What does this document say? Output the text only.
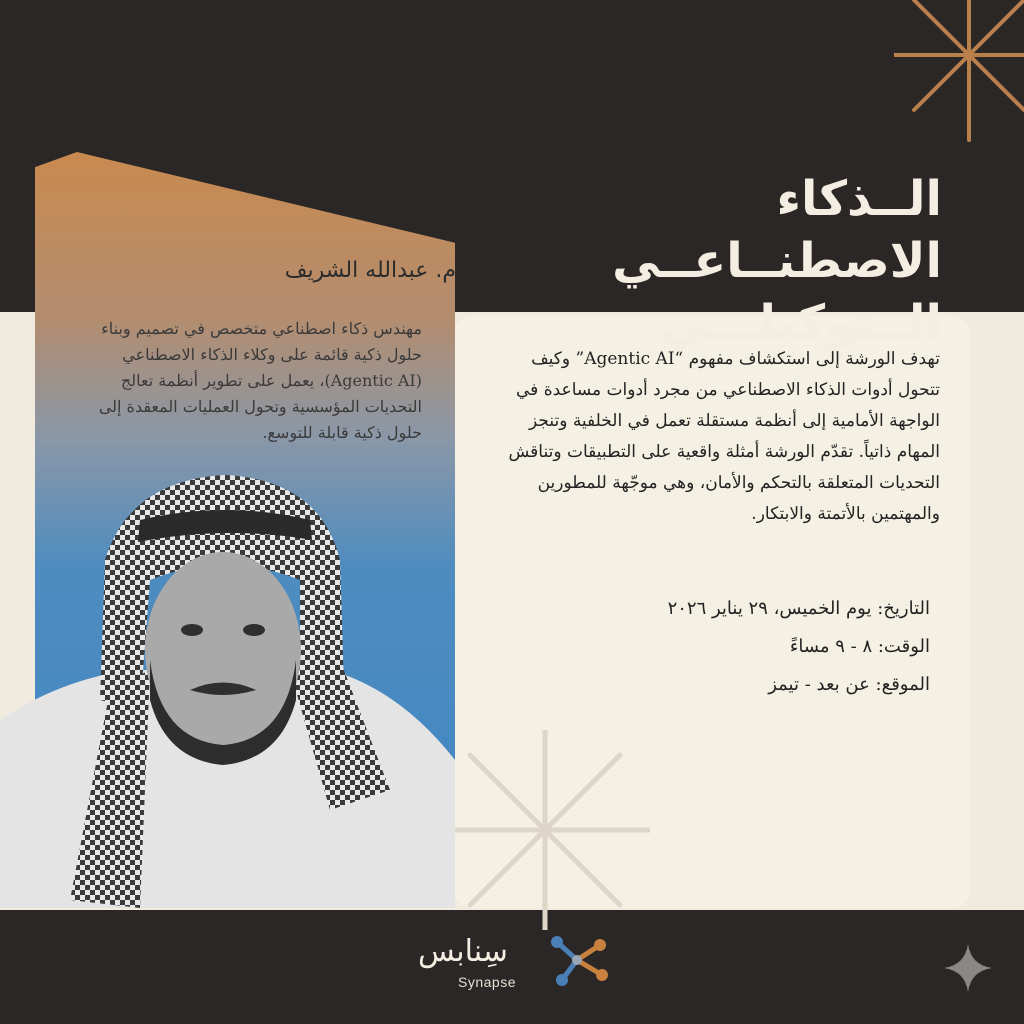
الــذكاء الاصطنــاعــي
الــتوكيلـــي
م. عبدالله الشريف
مهندس ذكاء اصطناعي متخصص في تصميم وبناء حلول ذكية قائمة على وكلاء الذكاء الاصطناعي (Agentic AI)، يعمل على تطوير أنظمة تعالج التحديات المؤسسية وتحول العمليات المعقدة إلى حلول ذكية قابلة للتوسع.
تهدف الورشة إلى استكشاف مفهوم “Agentic AI” وكيف تتحول أدوات الذكاء الاصطناعي من مجرد أدوات مساعدة في الواجهة الأمامية إلى أنظمة مستقلة تعمل في الخلفية وتنجز المهام ذاتياً. تقدّم الورشة أمثلة واقعية على التطبيقات وتناقش التحديات المتعلقة بالتحكم والأمان، وهي موجّهة للمطورين والمهتمين بالأتمتة والابتكار.
التاريخ: يوم الخميس، ٢٩ يناير ٢٠٢٦
الوقت: ٨ - ٩ مساءً
الموقع: عن بعد - تيمز
سِنابس
Synapse
